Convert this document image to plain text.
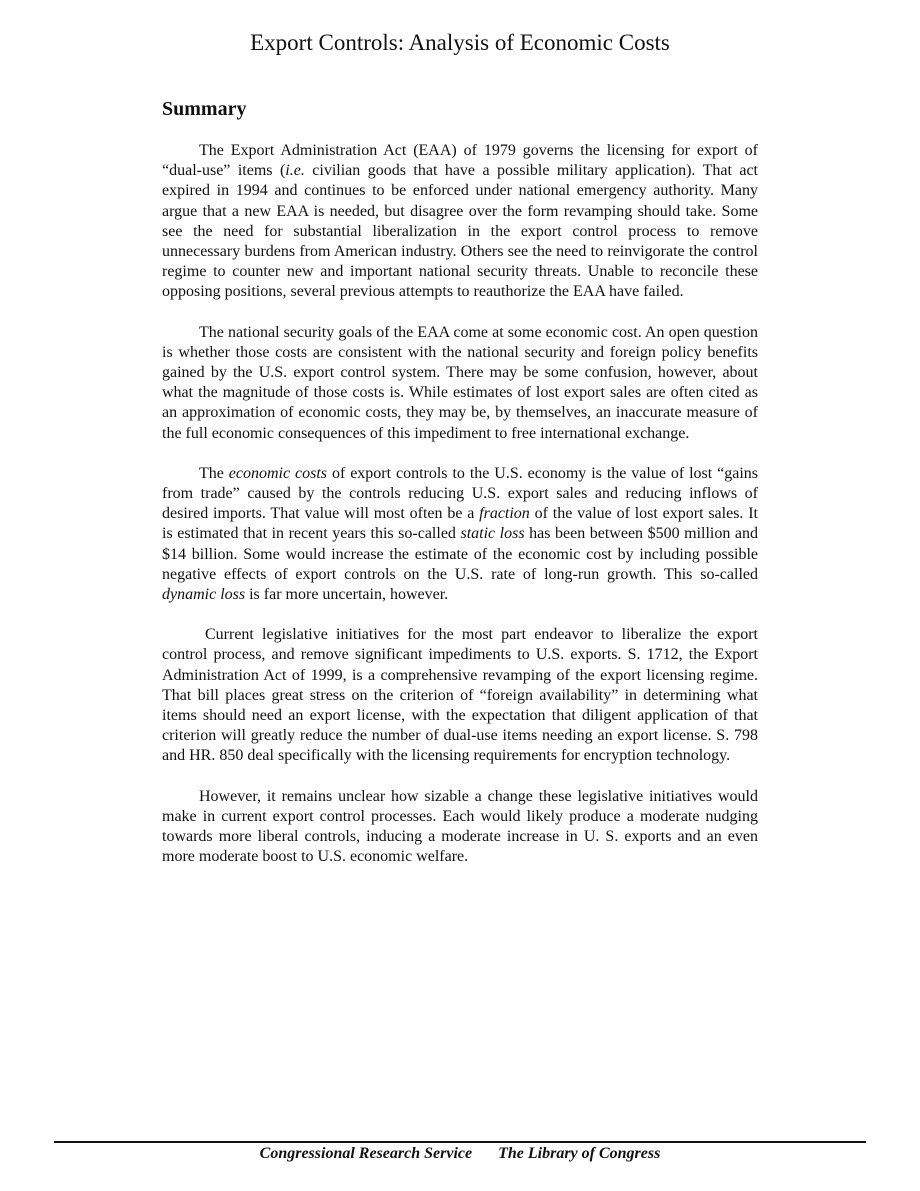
Export Controls: Analysis of Economic Costs
Summary

The Export Administration Act (EAA) of 1979 governs the licensing for export of “dual-use” items (i.e. civilian goods that have a possible military application). That act expired in 1994 and continues to be enforced under national emergency authority. Many argue that a new EAA is needed, but disagree over the form revamping should take. Some see the need for substantial liberalization in the export control process to remove unnecessary burdens from American industry. Others see the need to reinvigorate the control regime to counter new and important national security threats. Unable to reconcile these opposing positions, several previous attempts to reauthorize the EAA have failed.

The national security goals of the EAA come at some economic cost. An open question is whether those costs are consistent with the national security and foreign policy benefits gained by the U.S. export control system. There may be some confusion, however, about what the magnitude of those costs is. While estimates of lost export sales are often cited as an approximation of economic costs, they may be, by themselves, an inaccurate measure of the full economic consequences of this impediment to free international exchange.

The economic costs of export controls to the U.S. economy is the value of lost “gains from trade” caused by the controls reducing U.S. export sales and reducing inflows of desired imports. That value will most often be a fraction of the value of lost export sales. It is estimated that in recent years this so-called static loss has been between $500 million and $14 billion. Some would increase the estimate of the economic cost by including possible negative effects of export controls on the U.S. rate of long-run growth. This so-called dynamic loss is far more uncertain, however.

Current legislative initiatives for the most part endeavor to liberalize the export control process, and remove significant impediments to U.S. exports. S. 1712, the Export Administration Act of 1999, is a comprehensive revamping of the export licensing regime. That bill places great stress on the criterion of “foreign availability” in determining what items should need an export license, with the expectation that diligent application of that criterion will greatly reduce the number of dual-use items needing an export license. S. 798 and HR. 850 deal specifically with the licensing requirements for encryption technology.

However, it remains unclear how sizable a change these legislative initiatives would make in current export control processes. Each would likely produce a moderate nudging towards more liberal controls, inducing a moderate increase in U. S. exports and an even more moderate boost to U.S. economic welfare.

Congressional Research Service The Library of Congress
